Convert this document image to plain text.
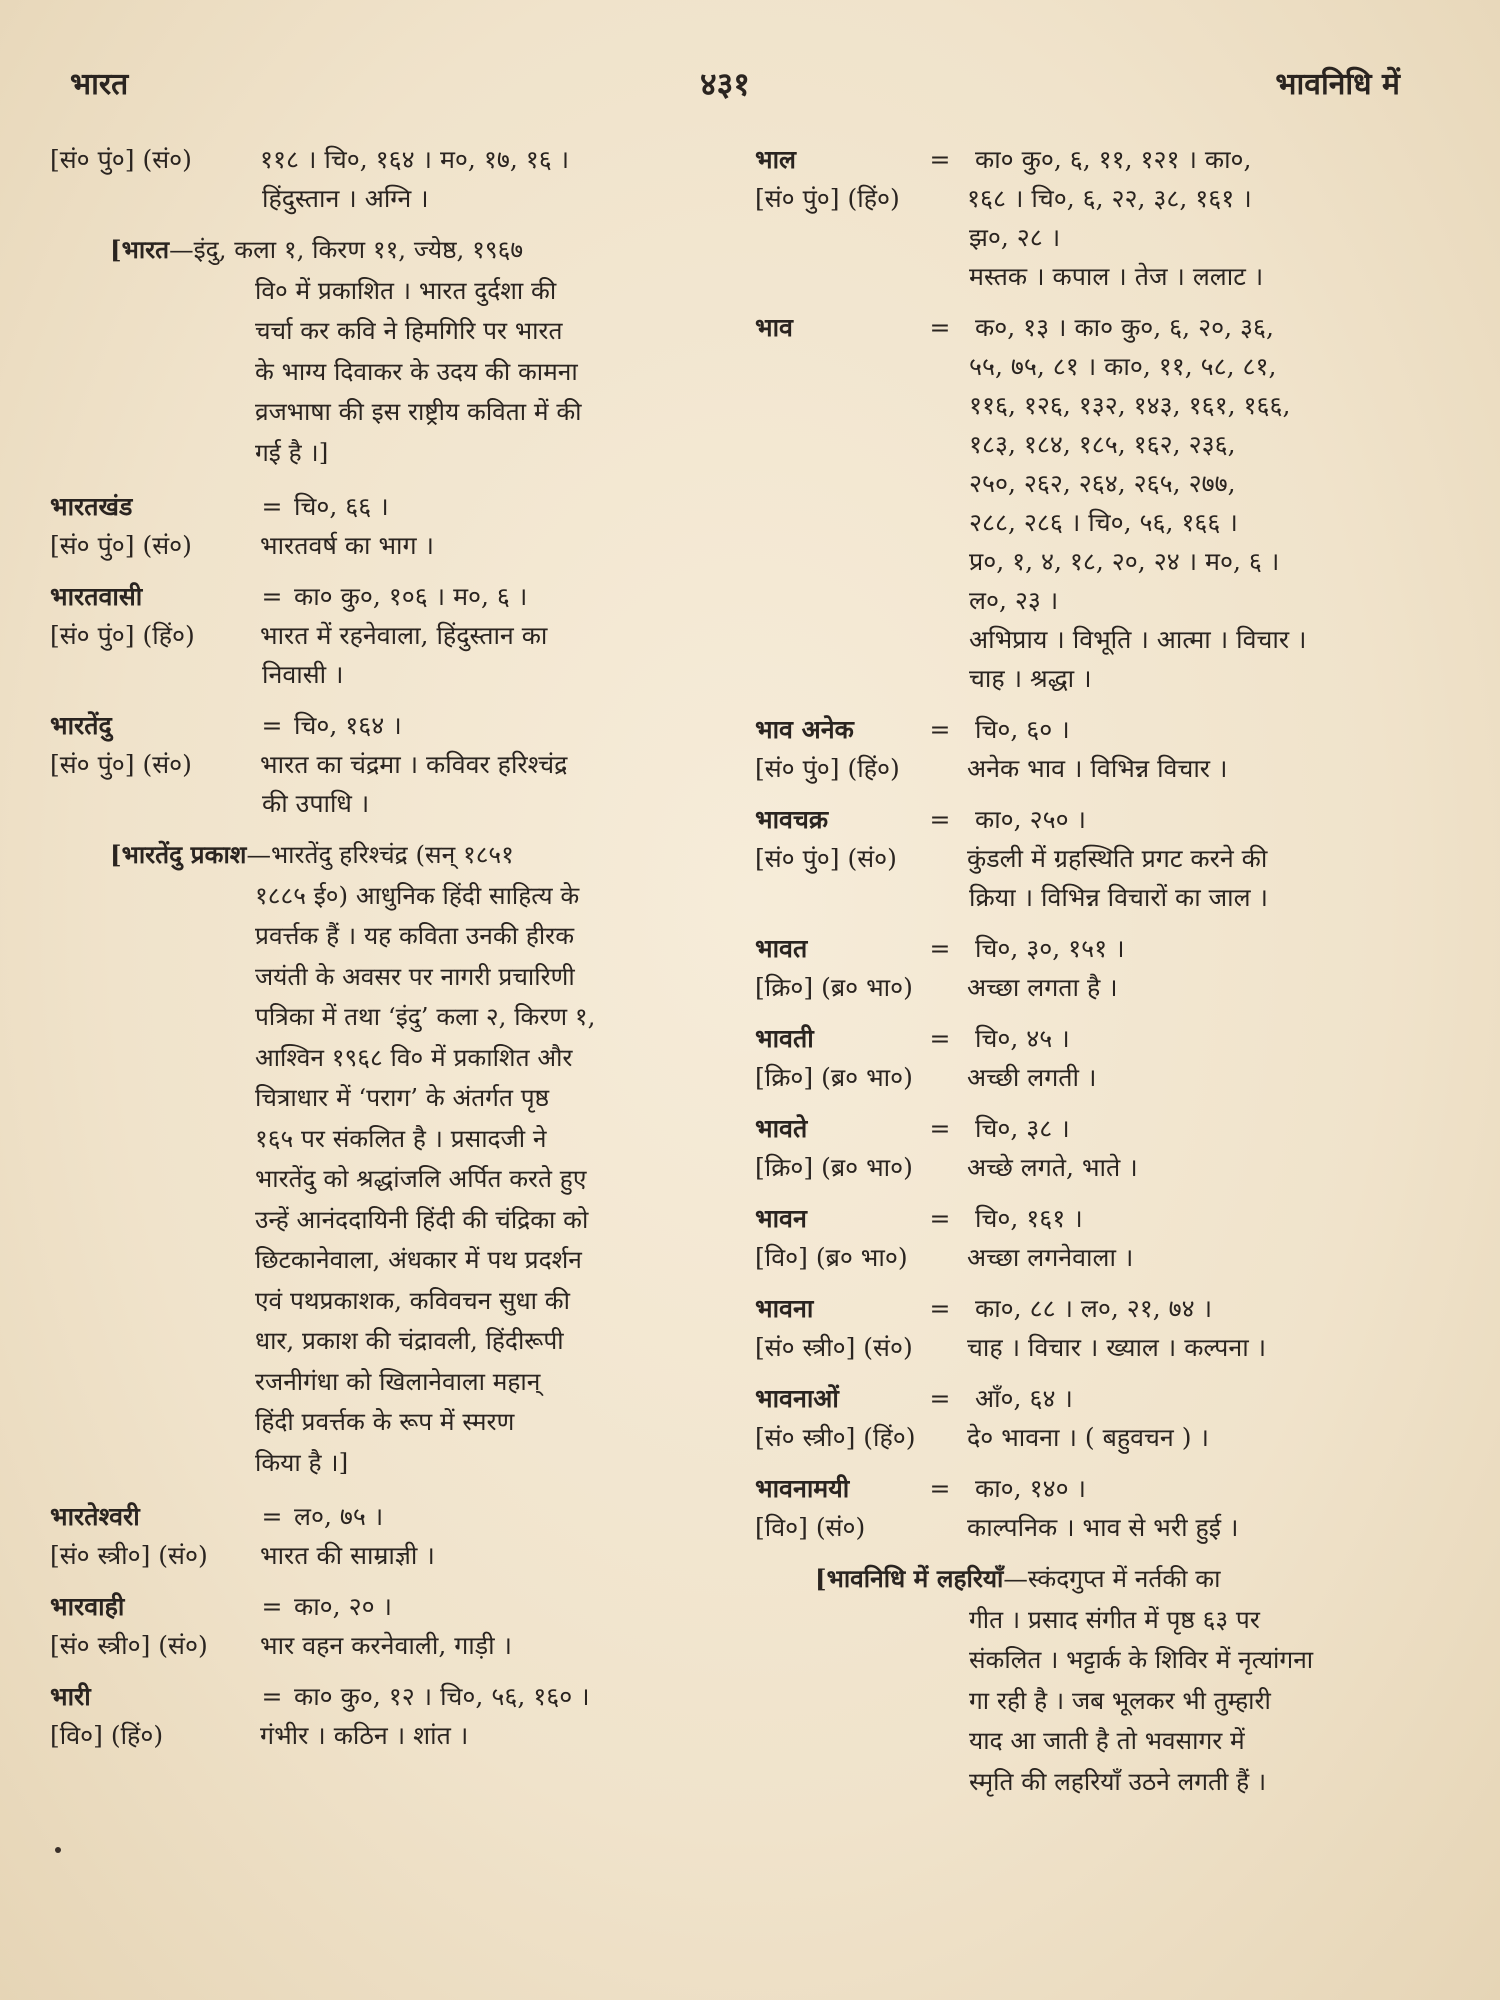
भारत	४३१	भावनिधि में
[सं० पुं०] (सं०)	११८ । चि०, १६४ । म०, १७, १६ ।
हिंदुस्तान । अग्नि ।
[भारत—इंदु, कला १, किरण ११, ज्येष्ठ, १९६७
वि० में प्रकाशित । भारत दुर्दशा की
चर्चा कर कवि ने हिमगिरि पर भारत
के भाग्य दिवाकर के उदय की कामना
व्रजभाषा की इस राष्ट्रीय कविता में की
गई है ।]
भारतखंड	= चि०, ६६ ।
[सं० पुं०] (सं०)	भारतवर्ष का भाग ।
भारतवासी	= का० कु०, १०६ । म०, ६ ।
[सं० पुं०] (हिं०)	भारत में रहनेवाला, हिंदुस्तान का
निवासी ।
भारतेंदु	= चि०, १६४ ।
[सं० पुं०] (सं०)	भारत का चंद्रमा । कविवर हरिश्चंद्र
की उपाधि ।
[भारतेंदु प्रकाश—भारतेंदु हरिश्चंद्र (सन् १८५१
१८८५ ई०) आधुनिक हिंदी साहित्य के
प्रवर्त्तक हैं । यह कविता उनकी हीरक
जयंती के अवसर पर नागरी प्रचारिणी
पत्रिका में तथा ‘इंदु’ कला २, किरण १,
आश्विन १९६८ वि० में प्रकाशित और
चित्राधार में ‘पराग’ के अंतर्गत पृष्ठ
१६५ पर संकलित है । प्रसादजी ने
भारतेंदु को श्रद्धांजलि अर्पित करते हुए
उन्हें आनंददायिनी हिंदी की चंद्रिका को
छिटकानेवाला, अंधकार में पथ प्रदर्शन
एवं पथप्रकाशक, कविवचन सुधा की
धार, प्रकाश की चंद्रावली, हिंदीरूपी
रजनीगंधा को खिलानेवाला महान्
हिंदी प्रवर्त्तक के रूप में स्मरण
किया है ।]
भारतेश्वरी	= ल०, ७५ ।
[सं० स्त्री०] (सं०)	भारत की साम्राज्ञी ।
भारवाही	= का०, २० ।
[सं० स्त्री०] (सं०)	भार वहन करनेवाली, गाड़ी ।
भारी	= का० कु०, १२ । चि०, ५६, १६० ।
[वि०] (हिं०)	गंभीर । कठिन । शांत ।
भाल	= का० कु०, ६, ११, १२१ । का०,
[सं० पुं०] (हिं०)	१६८ । चि०, ६, २२, ३८, १६१ ।
झ०, २८ ।
मस्तक । कपाल । तेज । ललाट ।
भाव	= क०, १३ । का० कु०, ६, २०, ३६,
५५, ७५, ८१ । का०, ११, ५८, ८१,
११६, १२६, १३२, १४३, १६१, १६६,
१८३, १८४, १८५, १६२, २३६,
२५०, २६२, २६४, २६५, २७७,
२८८, २८६ । चि०, ५६, १६६ ।
प्र०, १, ४, १८, २०, २४ । म०, ६ ।
ल०, २३ ।
अभिप्राय । विभूति । आत्मा । विचार ।
चाह । श्रद्धा ।
भाव अनेक	= चि०, ६० ।
[सं० पुं०] (हिं०)	अनेक भाव । विभिन्न विचार ।
भावचक्र	= का०, २५० ।
[सं० पुं०] (सं०)	कुंडली में ग्रहस्थिति प्रगट करने की
क्रिया । विभिन्न विचारों का जाल ।
भावत	= चि०, ३०, १५१ ।
[क्रि०] (ब्र० भा०)	अच्छा लगता है ।
भावती	= चि०, ४५ ।
[क्रि०] (ब्र० भा०)	अच्छी लगती ।
भावते	= चि०, ३८ ।
[क्रि०] (ब्र० भा०)	अच्छे लगते, भाते ।
भावन	= चि०, १६१ ।
[वि०] (ब्र० भा०)	अच्छा लगनेवाला ।
भावना	= का०, ८८ । ल०, २१, ७४ ।
[सं० स्त्री०] (सं०)	चाह । विचार । ख्याल । कल्पना ।
भावनाओं	= आँ०, ६४ ।
[सं० स्त्री०] (हिं०)	दे० भावना । ( बहुवचन ) ।
भावनामयी	= का०, १४० ।
[वि०] (सं०)	काल्पनिक । भाव से भरी हुई ।
[भावनिधि में लहरियाँ—स्कंदगुप्त में नर्तकी का
गीत । प्रसाद संगीत में पृष्ठ ६३ पर
संकलित । भट्टार्क के शिविर में नृत्यांगना
गा रही है । जब भूलकर भी तुम्हारी
याद आ जाती है तो भवसागर में
स्मृति की लहरियाँ उठने लगती हैं ।
